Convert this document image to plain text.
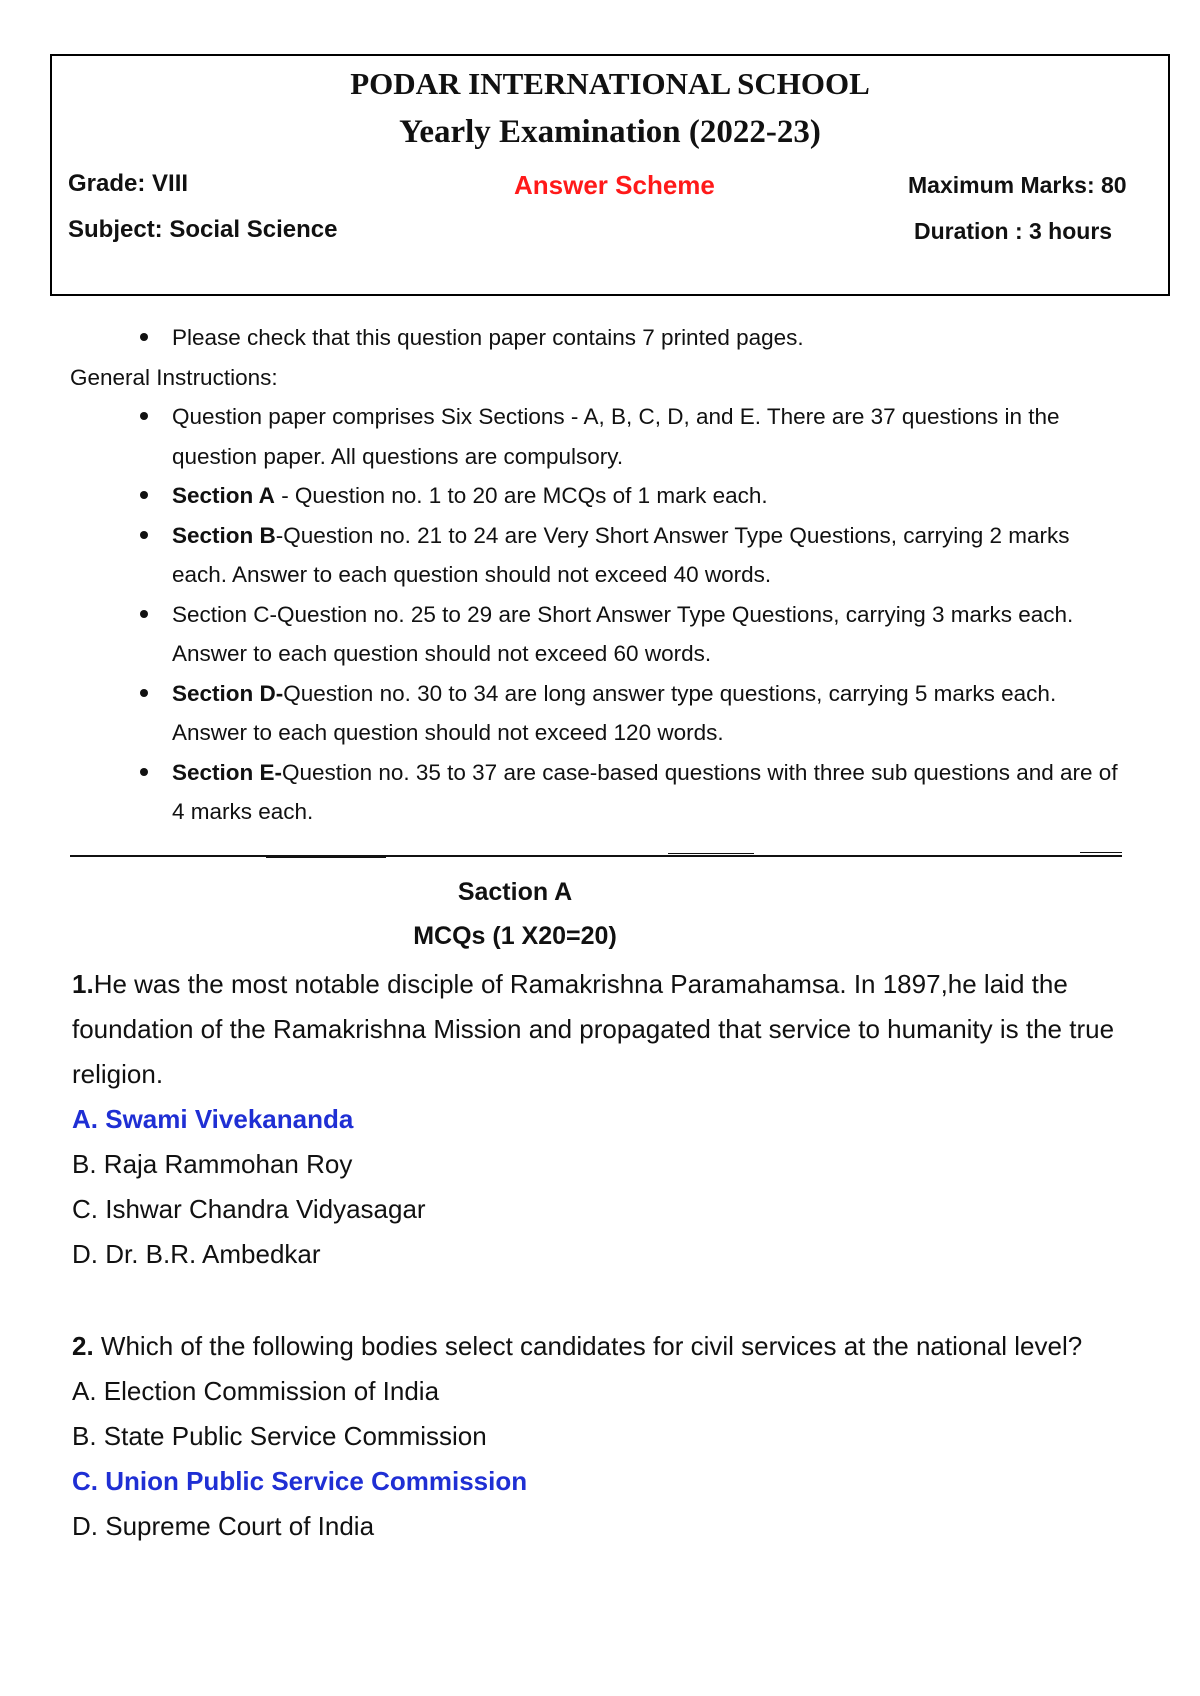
PODAR INTERNATIONAL SCHOOL
Yearly Examination (2022-23)
Grade: VIII	Answer Scheme	Maximum Marks: 80
Subject: Social Science	Duration : 3 hours
Please check that this question paper contains 7 printed pages.
General Instructions:
Question paper comprises Six Sections - A, B, C, D, and E. There are 37 questions in the question paper. All questions are compulsory.
Section A - Question no. 1 to 20 are MCQs of 1 mark each.
Section B-Question no. 21 to 24 are Very Short Answer Type Questions, carrying 2 marks each. Answer to each question should not exceed 40 words.
Section C-Question no. 25 to 29 are Short Answer Type Questions, carrying 3 marks each. Answer to each question should not exceed 60 words.
Section D-Question no. 30 to 34 are long answer type questions, carrying 5 marks each. Answer to each question should not exceed 120 words.
Section E-Question no. 35 to 37 are case-based questions with three sub questions and are of 4 marks each.
Saction A
MCQs (1 X20=20)

1.He was the most notable disciple of Ramakrishna Paramahamsa. In 1897,he laid the foundation of the Ramakrishna Mission and propagated that service to humanity is the true religion.

A. Swami Vivekananda

B. Raja Rammohan Roy

C. Ishwar Chandra Vidyasagar

D. Dr. B.R. Ambedkar

2. Which of the following bodies select candidates for civil services at the national level?

A. Election Commission of India

B. State Public Service Commission

C. Union Public Service Commission

D. Supreme Court of India
